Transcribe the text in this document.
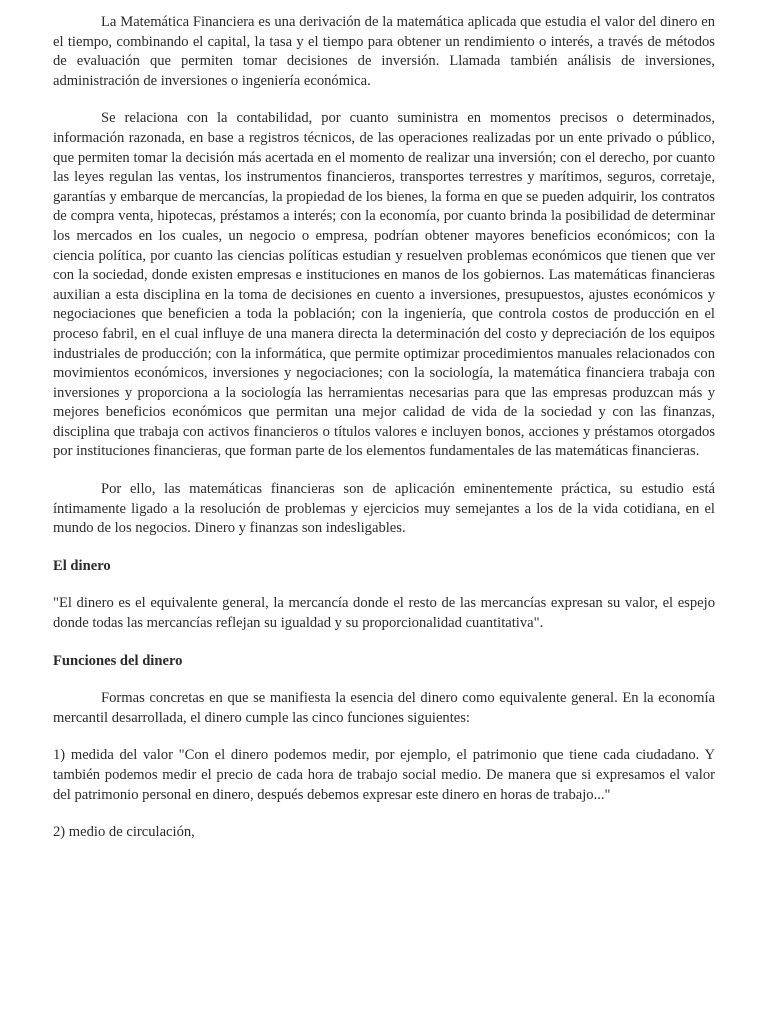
La Matemática Financiera es una derivación de la matemática aplicada que estudia el valor del dinero en el tiempo, combinando el capital, la tasa y el tiempo para obtener un rendimiento o interés, a través de métodos de evaluación que permiten tomar decisiones de inversión. Llamada también análisis de inversiones, administración de inversiones o ingeniería económica.

Se relaciona con la contabilidad, por cuanto suministra en momentos precisos o determinados, información razonada, en base a registros técnicos, de las operaciones realizadas por un ente privado o público, que permiten tomar la decisión más acertada en el momento de realizar una inversión; con el derecho, por cuanto las leyes regulan las ventas, los instrumentos financieros, transportes terrestres y marítimos, seguros, corretaje, garantías y embarque de mercancías, la propiedad de los bienes, la forma en que se pueden adquirir, los contratos de compra venta, hipotecas, préstamos a interés; con la economía, por cuanto brinda la posibilidad de determinar los mercados en los cuales, un negocio o empresa, podrían obtener mayores beneficios económicos; con la ciencia política, por cuanto las ciencias políticas estudian y resuelven problemas económicos que tienen que ver con la sociedad, donde existen empresas e instituciones en manos de los gobiernos. Las matemáticas financieras auxilian a esta disciplina en la toma de decisiones en cuento a inversiones, presupuestos, ajustes económicos y negociaciones que beneficien a toda la población; con la ingeniería, que controla costos de producción en el proceso fabril, en el cual influye de una manera directa la determinación del costo y depreciación de los equipos industriales de producción; con la informática, que permite optimizar procedimientos manuales relacionados con movimientos económicos, inversiones y negociaciones; con la sociología, la matemática financiera trabaja con inversiones y proporciona a la sociología las herramientas necesarias para que las empresas produzcan más y mejores beneficios económicos que permitan una mejor calidad de vida de la sociedad y con las finanzas, disciplina que trabaja con activos financieros o títulos valores e incluyen bonos, acciones y préstamos otorgados por instituciones financieras, que forman parte de los elementos fundamentales de las matemáticas financieras.

Por ello, las matemáticas financieras son de aplicación eminentemente práctica, su estudio está íntimamente ligado a la resolución de problemas y ejercicios muy semejantes a los de la vida cotidiana, en el mundo de los negocios. Dinero y finanzas son indesligables.

El dinero

"El dinero es el equivalente general, la mercancía donde el resto de las mercancías expresan su valor, el espejo donde todas las mercancías reflejan su igualdad y su proporcionalidad cuantitativa".

Funciones del dinero

Formas concretas en que se manifiesta la esencia del dinero como equivalente general. En la economía mercantil desarrollada, el dinero cumple las cinco funciones siguientes:

1) medida del valor "Con el dinero podemos medir, por ejemplo, el patrimonio que tiene cada ciudadano. Y también podemos medir el precio de cada hora de trabajo social medio. De manera que si expresamos el valor del patrimonio personal en dinero, después debemos expresar este dinero en horas de trabajo..."

2) medio de circulación,
